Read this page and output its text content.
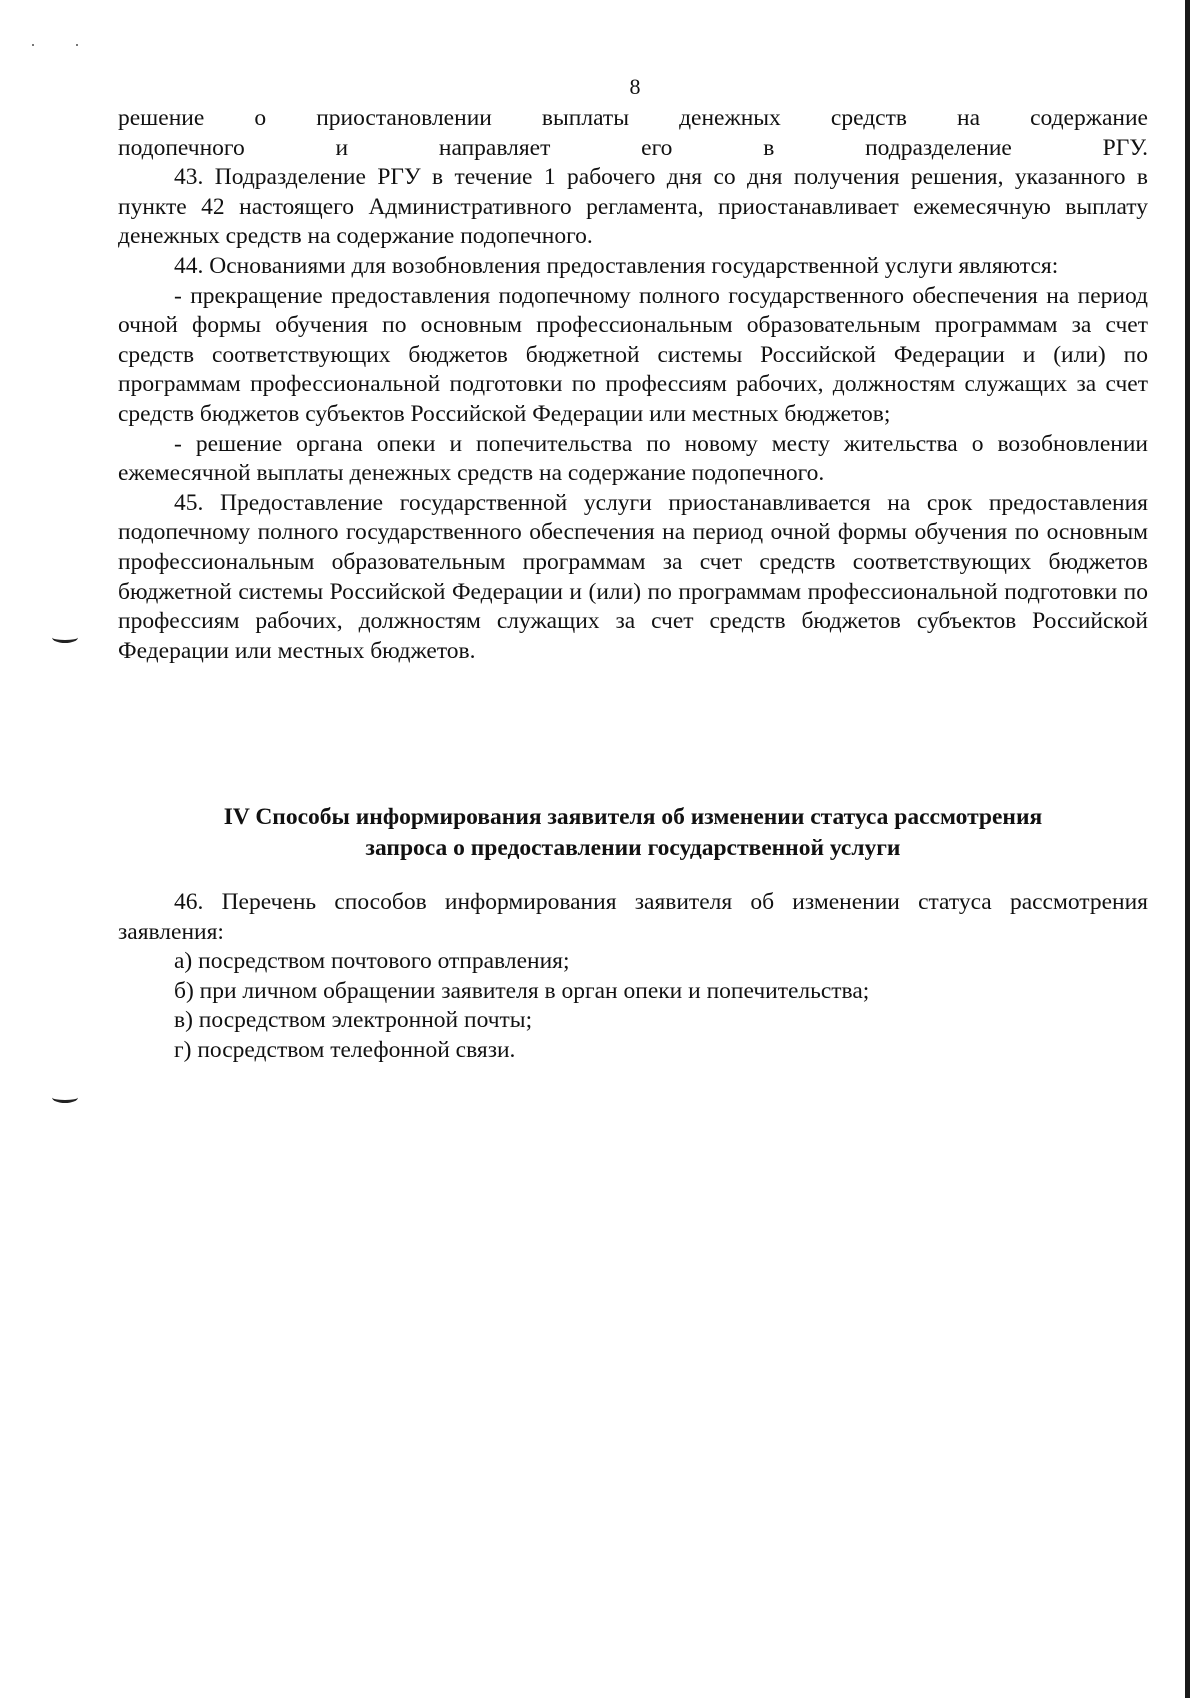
8

решение о приостановлении выплаты денежных средств на содержание подопечного и направляет его в подразделение РГУ.

43. Подразделение РГУ в течение 1 рабочего дня со дня получения решения, указанного в пункте 42 настоящего Административного регламента, приостанавливает ежемесячную выплату денежных средств на содержание подопечного.

44. Основаниями для возобновления предоставления государственной услуги являются:

- прекращение предоставления подопечному полного государственного обеспечения на период очной формы обучения по основным профессиональным образовательным программам за счет средств соответствующих бюджетов бюджетной системы Российской Федерации и (или) по программам профессиональной подготовки по профессиям рабочих, должностям служащих за счет средств бюджетов субъектов Российской Федерации или местных бюджетов;

- решение органа опеки и попечительства по новому месту жительства о возобновлении ежемесячной выплаты денежных средств на содержание подопечного.

45. Предоставление государственной услуги приостанавливается на срок предоставления подопечному полного государственного обеспечения на период очной формы обучения по основным профессиональным образовательным программам за счет средств соответствующих бюджетов бюджетной системы Российской Федерации и (или) по программам профессиональной подготовки по профессиям рабочих, должностям служащих за счет средств бюджетов субъектов Российской Федерации или местных бюджетов.

IV Способы информирования заявителя об изменении статуса рассмотрения
запроса о предоставлении государственной услуги

46. Перечень способов информирования заявителя об изменении статуса рассмотрения заявления:

а) посредством почтового отправления;

б) при личном обращении заявителя в орган опеки и попечительства;

в) посредством электронной почты;

г) посредством телефонной связи.
